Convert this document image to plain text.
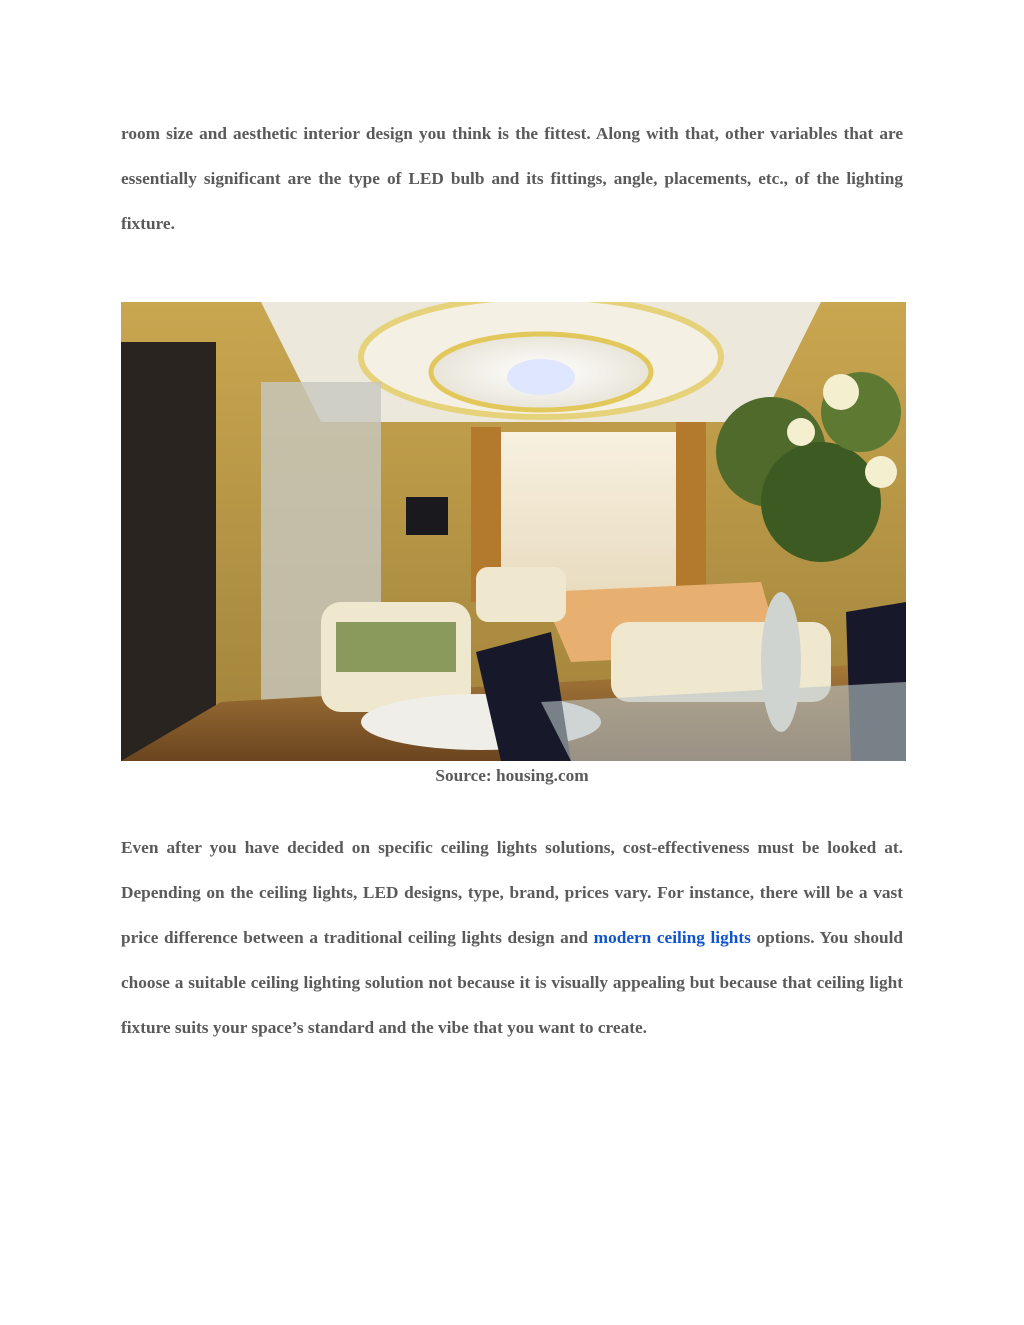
room size and aesthetic interior design you think is the fittest. Along with that, other variables that are essentially significant are the type of LED bulb and its fittings, angle, placements, etc., of the lighting fixture.

Source: housing.com

Even after you have decided on specific ceiling lights solutions, cost-effectiveness must be looked at. Depending on the ceiling lights, LED designs, type, brand, prices vary. For instance, there will be a vast price difference between a traditional ceiling lights design and modern ceiling lights options. You should choose a suitable ceiling lighting solution not because it is visually appealing but because that ceiling light fixture suits your space’s standard and the vibe that you want to create.
